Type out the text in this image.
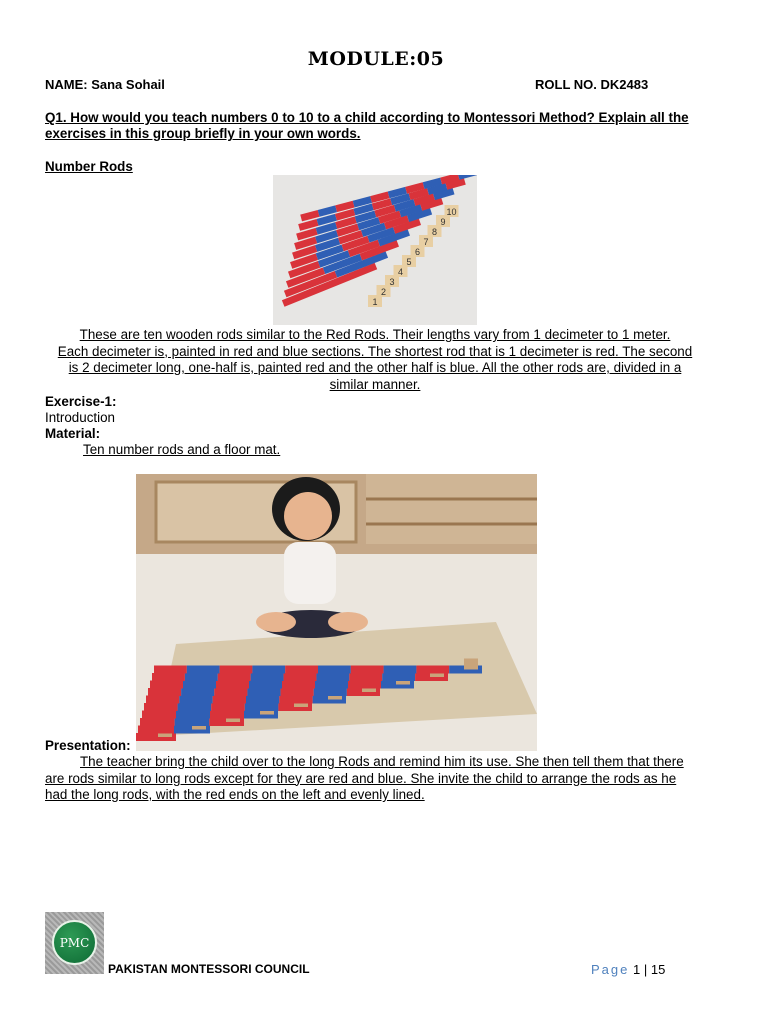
MODULE:05
NAME: Sana Sohail	ROLL NO. DK2483
Q1. How would you teach numbers 0 to 10 to a child according to Montessori Method? Explain all the exercises in this group briefly in your own words.
Number Rods
1
2
3
4
5
6
7
8
9
10
These are ten wooden rods similar to the Red Rods. Their lengths vary from 1 decimeter to 1 meter.
Each decimeter is, painted in red and blue sections. The shortest rod that is 1 decimeter is red. The second
is 2 decimeter long, one-half is, painted red and the other half is blue. All the other rods are, divided in a
similar manner.
Exercise-1:
Introduction
Material:
Ten number rods and a floor mat.
Presentation:
The teacher bring the child over to the long Rods and remind him its use. She then tell them that there
are rods similar to long rods except for they are red and blue. She invite the child to arrange the rods as he
had the long rods, with the red ends on the left and evenly lined.
PMC
PAKISTAN MONTESSORI COUNCIL	Page 1 | 15
